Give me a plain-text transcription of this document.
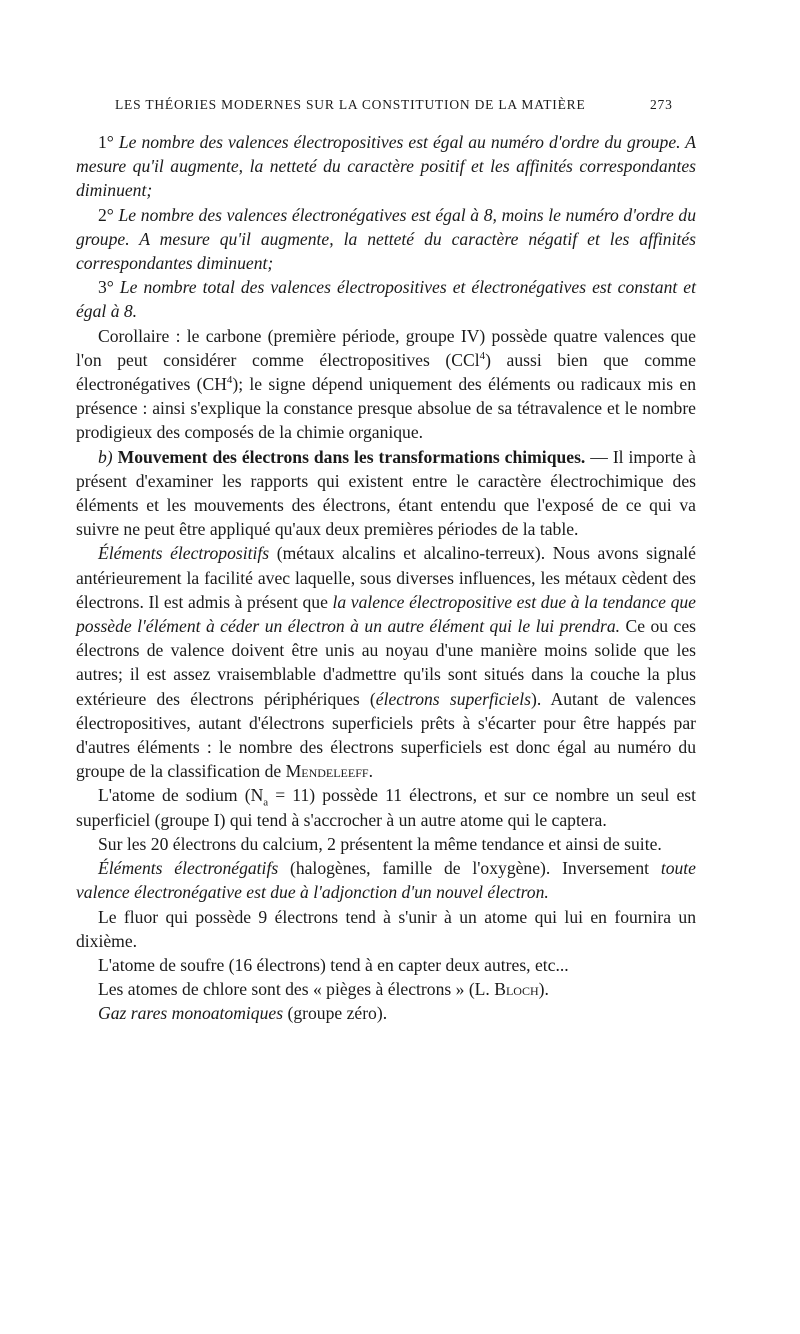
LES THÉORIES MODERNES SUR LA CONSTITUTION DE LA MATIÈRE	273

1° Le nombre des valences électropositives est égal au numéro d'ordre du groupe. A mesure qu'il augmente, la netteté du caractère positif et les affinités correspondantes diminuent;

2° Le nombre des valences électronégatives est égal à 8, moins le numéro d'ordre du groupe. A mesure qu'il augmente, la netteté du caractère négatif et les affinités correspondantes diminuent;

3° Le nombre total des valences électropositives et électronégatives est constant et égal à 8.

Corollaire : le carbone (première période, groupe IV) possède quatre valences que l'on peut considérer comme électropositives (CCl$^4$) aussi bien que comme électronégatives $(CH^4)$; le signe dépend uniquement des éléments ou radicaux mis en présence : ainsi s'explique la constance presque absolue de sa tétravalence et le nombre prodigieux des composés de la chimie organique.

b) Mouvement des électrons dans les transformations chimiques. — Il importe à présent d'examiner les rapports qui existent entre le caractère électrochimique des éléments et les mouvements des électrons, étant entendu que l'exposé de ce qui va suivre ne peut être appliqué qu'aux deux premières périodes de la table.

Éléments électropositifs (métaux alcalins et alcalino-terreux). Nous avons signalé antérieurement la facilité avec laquelle, sous diverses influences, les métaux cèdent des électrons. Il est admis à présent que la valence électropositive est due à la tendance que possède l'élément à céder un électron à un autre élément qui le lui prendra. Ce ou ces électrons de valence doivent être unis au noyau d'une manière moins solide que les autres; il est assez vraisemblable d'admettre qu'ils sont situés dans la couche la plus extérieure des électrons périphériques (électrons superficiels). Autant de valences électropositives, autant d'électrons superficiels prêts à s'écarter pour être happés par d'autres éléments : le nombre des électrons superficiels est donc égal au numéro du groupe de la classification de Mendeleeff.

L'atome de sodium $(N_a = 11)$ possède 11 électrons, et sur ce nombre un seul est superficiel (groupe I) qui tend à s'accrocher à un autre atome qui le captera.

Sur les 20 électrons du calcium, 2 présentent la même tendance et ainsi de suite.

Éléments électronégatifs (halogènes, famille de l'oxygène). Inversement toute valence électronégative est due à l'adjonction d'un nouvel électron.

Le fluor qui possède 9 électrons tend à s'unir à un atome qui lui en fournira un dixième.

L'atome de soufre (16 électrons) tend à en capter deux autres, etc...

Les atomes de chlore sont des « pièges à électrons » (L. Bloch).

Gaz rares monoatomiques (groupe zéro).
